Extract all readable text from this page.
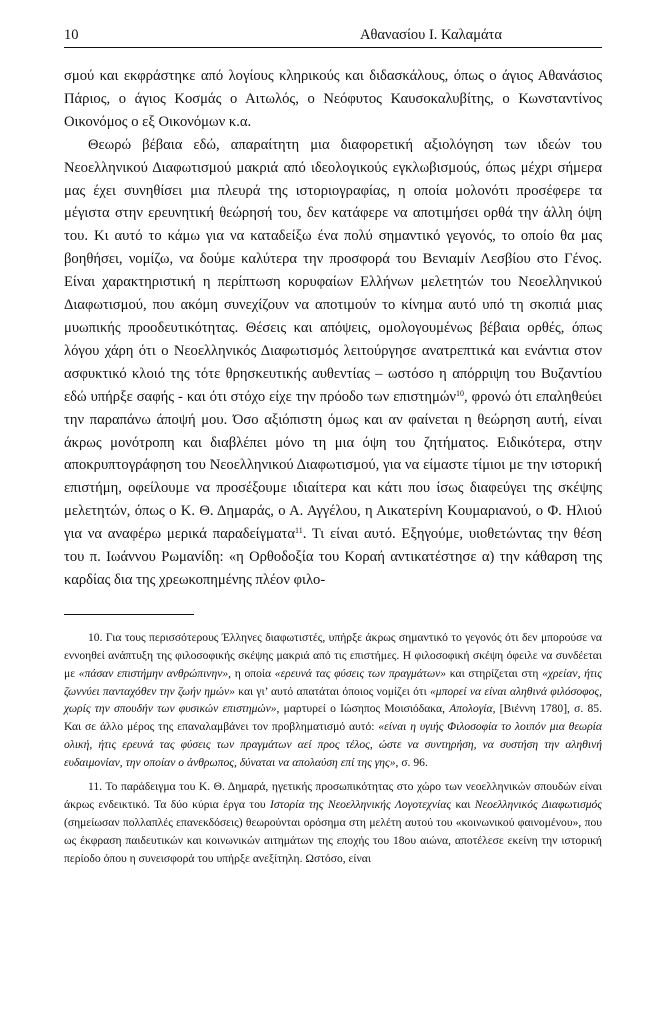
10	Αθανασίου Ι. Καλαμάτα

σμού και εκφράστηκε από λογίους κληρικούς και διδασκάλους, όπως ο άγιος Αθανάσιος Πάριος, ο άγιος Κοσμάς ο Αιτωλός, ο Νεόφυτος Καυσοκαλυβίτης, ο Κωνσταντίνος Οικονόμος ο εξ Οικονόμων κ.α.

Θεωρώ βέβαια εδώ, απαραίτητη μια διαφορετική αξιολόγηση των ιδεών του Νεοελληνικού Διαφωτισμού μακριά από ιδεολογικούς εγκλωβισμούς, όπως μέχρι σήμερα μας έχει συνηθίσει μια πλευρά της ιστοριογραφίας, η οποία μολονότι προσέφερε τα μέγιστα στην ερευνητική θεώρησή του, δεν κατάφερε να αποτιμήσει ορθά την άλλη όψη του. Κι αυτό το κάμω για να καταδείξω ένα πολύ σημαντικό γεγονός, το οποίο θα μας βοηθήσει, νομίζω, να δούμε καλύτερα την προσφορά του Βενιαμίν Λεσβίου στο Γένος. Είναι χαρακτηριστική η περίπτωση κορυφαίων Ελλήνων μελετητών του Νεοελληνικού Διαφωτισμού, που ακόμη συνεχίζουν να αποτιμούν το κίνημα αυτό υπό τη σκοπιά μιας μυωπικής προοδευτικότητας. Θέσεις και απόψεις, ομολογουμένως βέβαια ορθές, όπως λόγου χάρη ότι ο Νεοελληνικός Διαφωτισμός λειτούργησε ανατρεπτικά και ενάντια στον ασφυκτικό κλοιό της τότε θρησκευτικής αυθεντίας – ωστόσο η απόρριψη του Βυζαντίου εδώ υπήρξε σαφής - και ότι στόχο είχε την πρόοδο των επιστημών$^{10}$, φρονώ ότι επαληθεύει την παραπάνω άποψή μου. Όσο αξιόπιστη όμως και αν φαίνεται η θεώρηση αυτή, είναι άκρως μονότροπη και διαβλέπει μόνο τη μια όψη του ζητήματος. Ειδικότερα, στην αποκρυπτογράφηση του Νεοελληνικού Διαφωτισμού, για να είμαστε τίμιοι με την ιστορική επιστήμη, οφείλουμε να προσέξουμε ιδιαίτερα και κάτι που ίσως διαφεύγει της σκέψης μελετητών, όπως ο Κ. Θ. Δημαράς, ο Α. Αγγέλου, η Αικατερίνη Κουμαριανού, ο Φ. Ηλιού για να αναφέρω μερικά παραδείγματα$^{11}$. Τι είναι αυτό. Εξηγούμε, υιοθετώντας την θέση του π. Ιωάννου Ρωμανίδη: «η Ορθοδοξία του Κοραή αντικατέστησε α) την κάθαρση της καρδίας δια της χρεωκοπημένης πλέον φιλο-

10. Για τους περισσότερους Έλληνες διαφωτιστές, υπήρξε άκρως σημαντικό το γεγονός ότι δεν μπορούσε να εννοηθεί ανάπτυξη της φιλοσοφικής σκέψης μακριά από τις επιστήμες. Η φιλοσοφική σκέψη όφειλε να συνδέεται με «πάσαν επιστήμην ανθρώπινην», η οποία «ερευνά τας φύσεις των πραγμάτων» και στηρίζεται στη «χρείαν, ήτις ζωννύει πανταχόθεν την ζωήν ημών» και γι’ αυτό απατάται όποιος νομίζει ότι «μπορεί να είναι αληθινά φιλόσοφος, χωρίς την σπουδήν των φυσικών επιστημών», μαρτυρεί ο Ιώσηπος Μοισιόδακα, Απολογία, [Βιέννη 1780], σ. 85. Και σε άλλο μέρος της επαναλαμβάνει τον προβληματισμό αυτό: «είναι η υγιής Φιλοσοφία το λοιπόν μια θεωρία ολική, ήτις ερευνά τας φύσεις των πραγμάτων αεί προς τέλος, ώστε να συντηρήση, να συστήση την αληθινή ευδαιμονίαν, την οποίαν ο άνθρωπος, δύναται να απολαύση επί της γης», σ. 96.

11. Το παράδειγμα του Κ. Θ. Δημαρά, ηγετικής προσωπικότητας στο χώρο των νεοελληνικών σπουδών είναι άκρως ενδεικτικό. Τα δύο κύρια έργα του Ιστορία της Νεοελληνικής Λογοτεχνίας και Νεοελληνικός Διαφωτισμός (σημείωσαν πολλαπλές επανεκδόσεις) θεωρούνται ορόσημα στη μελέτη αυτού του «κοινωνικού φαινομένου», που ως έκφραση παιδευτικών και κοινωνικών αιτημάτων της εποχής του 18ου αιώνα, αποτέλεσε εκείνη την ιστορική περίοδο όπου η συνεισφορά του υπήρξε ανεξίτηλη. Ωστόσο, είναι
